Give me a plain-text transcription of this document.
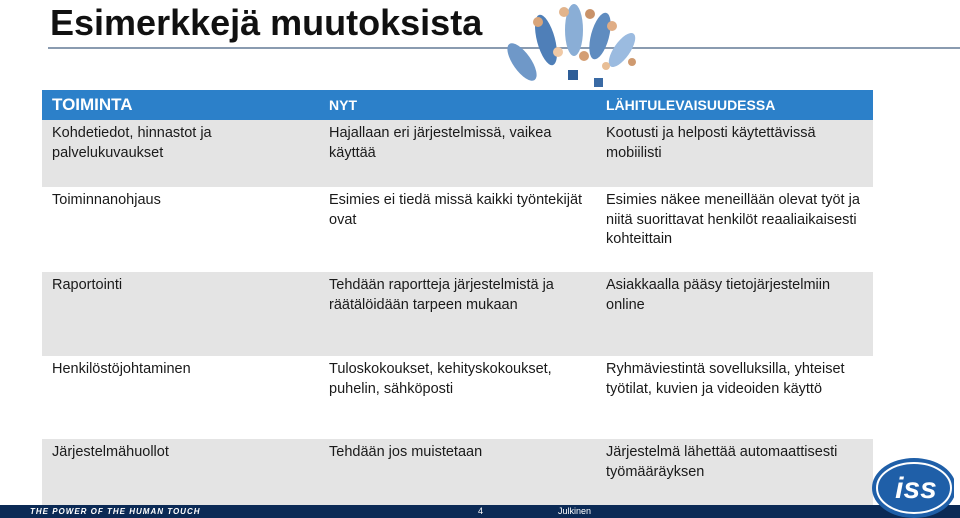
Esimerkkejä muutoksista
TOIMINTA	NYT	LÄHITULEVAISUUDESSA
Kohdetiedot, hinnastot ja palvelukuvaukset	Hajallaan eri järjestelmissä, vaikea käyttää	Kootusti ja helposti käytettävissä mobiilisti
Toiminnanohjaus	Esimies ei tiedä missä kaikki työntekijät ovat	Esimies näkee meneillään olevat työt ja niitä suorittavat henkilöt reaaliaikaisesti kohteittain
Raportointi	Tehdään raportteja järjestelmistä ja räätälöidään tarpeen mukaan	Asiakkaalla pääsy tietojärjestelmiin online
Henkilöstöjohtaminen	Tuloskokoukset, kehityskokoukset, puhelin, sähköposti	Ryhmäviestintä sovelluksilla, yhteiset työtilat, kuvien ja videoiden käyttö
Järjestelmähuollot	Tehdään jos muistetaan	Järjestelmä lähettää automaattisesti työmääräyksen
THE POWER OF THE HUMAN TOUCH	4	Julkinen
iss
